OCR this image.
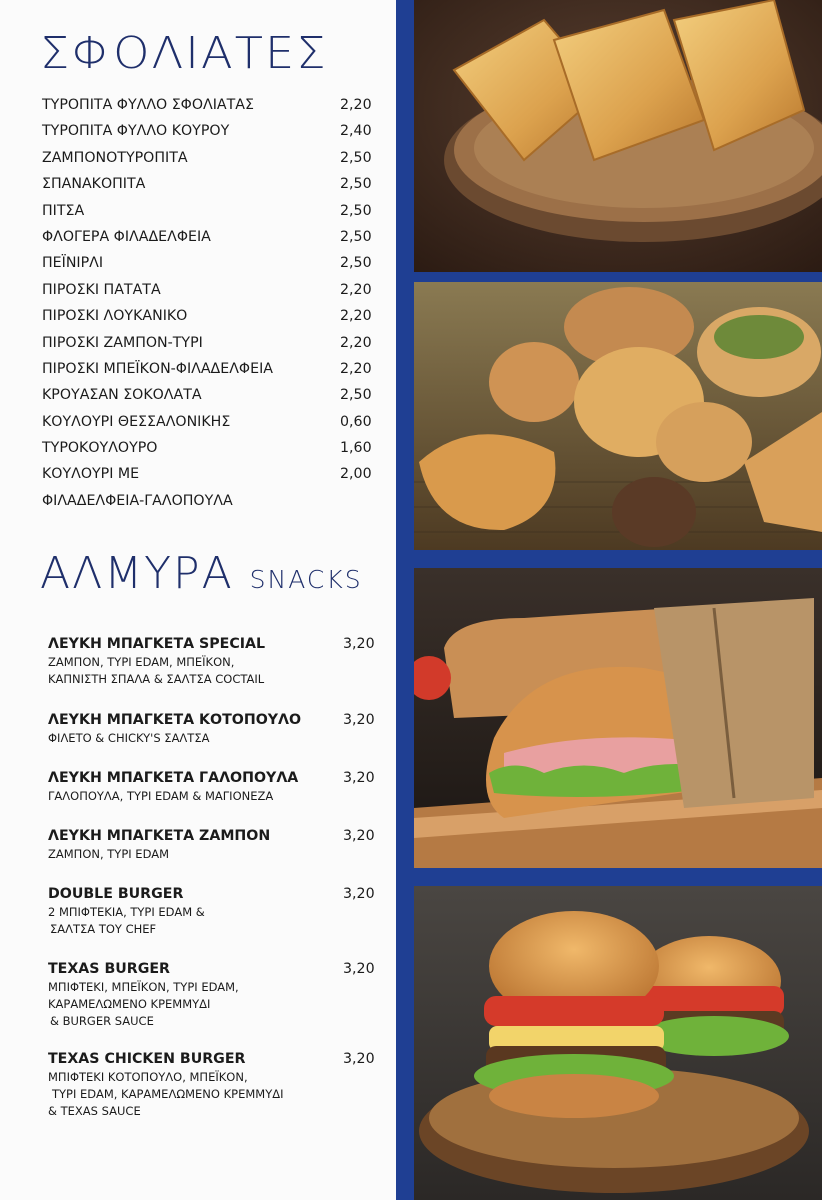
ΣΦΟΛΙΑΤΕΣ
ΤΥΡΟΠΙΤΑ ΦΥΛΛΟ ΣΦΟΛΙΑΤΑΣ	2,20
ΤΥΡΟΠΙΤΑ ΦΥΛΛΟ ΚΟΥΡΟΥ	2,40
ΖΑΜΠΟΝΟΤΥΡΟΠΙΤΑ	2,50
ΣΠΑΝΑΚΟΠΙΤΑ	2,50
ΠΙΤΣΑ	2,50
ΦΛΟΓΕΡΑ ΦΙΛΑΔΕΛΦΕΙΑ	2,50
ΠΕΪΝΙΡΛΙ	2,50
ΠΙΡΟΣΚΙ ΠΑΤΑΤΑ	2,20
ΠΙΡΟΣΚΙ ΛΟΥΚΑΝΙΚΟ	2,20
ΠΙΡΟΣΚΙ ΖΑΜΠΟΝ-ΤΥΡΙ	2,20
ΠΙΡΟΣΚΙ ΜΠΕΪΚΟΝ-ΦΙΛΑΔΕΛΦΕΙΑ	2,20
ΚΡΟΥΑΣΑΝ ΣΟΚΟΛΑΤΑ	2,50
ΚΟΥΛΟΥΡΙ ΘΕΣΣΑΛΟΝΙΚΗΣ	0,60
ΤΥΡΟΚΟΥΛΟΥΡΟ	1,60
ΚΟΥΛΟΥΡΙ ΜΕ	2,00
ΦΙΛΑΔΕΛΦΕΙΑ-ΓΑΛΟΠΟΥΛΑ
ΑΛΜΥΡΑ SNACKS
ΛΕΥΚΗ ΜΠΑΓΚΕΤΑ SPECIAL	3,20
ΖΑΜΠΟΝ, ΤΥΡΙ EDAM, ΜΠΕΪΚΟΝ,
ΚΑΠΝΙΣΤΗ ΣΠΑΛΑ & ΣΑΛΤΣΑ COCTAIL
ΛΕΥΚΗ ΜΠΑΓΚΕΤΑ ΚΟΤΟΠΟΥΛΟ	3,20
ΦΙΛΕΤΟ & CHICKY'S ΣΑΛΤΣΑ
ΛΕΥΚΗ ΜΠΑΓΚΕΤΑ ΓΑΛΟΠΟΥΛΑ	3,20
ΓΑΛΟΠΟΥΛΑ, ΤΥΡΙ EDAM & ΜΑΓΙΟΝΕΖΑ
ΛΕΥΚΗ ΜΠΑΓΚΕΤΑ ΖΑΜΠΟΝ	3,20
ΖΑΜΠΟΝ, ΤΥΡΙ EDAM
DOUBLE BURGER	3,20
2 ΜΠΙΦΤΕΚΙΑ, ΤΥΡΙ EDAM &
ΣΑΛΤΣΑ ΤΟΥ CHEF
TEXAS BURGER	3,20
ΜΠΙΦΤΕΚΙ, ΜΠΕΪΚΟΝ, ΤΥΡΙ EDAM,
ΚΑΡΑΜΕΛΩΜΕΝΟ ΚΡΕΜΜΥΔΙ
& BURGER SAUCE
TEXAS CHICKEN BURGER	3,20
ΜΠΙΦΤΕΚΙ ΚΟΤΟΠΟΥΛΟ, ΜΠΕΪΚΟΝ,
ΤΥΡΙ EDAM, ΚΑΡΑΜΕΛΩΜΕΝΟ ΚΡΕΜΜΥΔΙ
& TEXAS SAUCE
